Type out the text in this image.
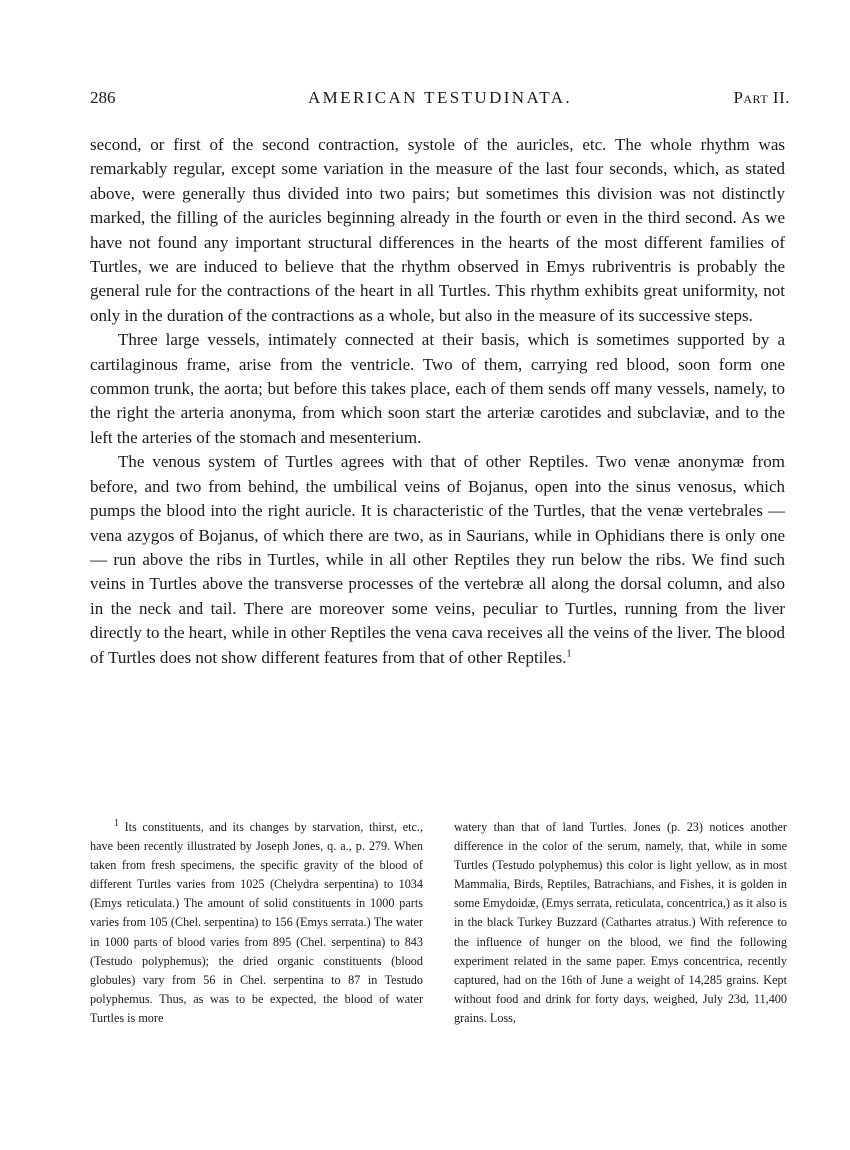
286	AMERICAN TESTUDINATA.	Part II.

second, or first of the second contraction, systole of the auricles, etc. The whole rhythm was remarkably regular, except some variation in the measure of the last four seconds, which, as stated above, were generally thus divided into two pairs; but sometimes this division was not distinctly marked, the filling of the auricles beginning already in the fourth or even in the third second. As we have not found any important structural differences in the hearts of the most different families of Turtles, we are induced to believe that the rhythm observed in Emys rubriventris is probably the general rule for the contractions of the heart in all Turtles. This rhythm exhibits great uniformity, not only in the duration of the contractions as a whole, but also in the measure of its successive steps.

Three large vessels, intimately connected at their basis, which is sometimes supported by a cartilaginous frame, arise from the ventricle. Two of them, carrying red blood, soon form one common trunk, the aorta; but before this takes place, each of them sends off many vessels, namely, to the right the arteria anonyma, from which soon start the arteriæ carotides and subclaviæ, and to the left the arteries of the stomach and mesenterium.

The venous system of Turtles agrees with that of other Reptiles. Two venæ anonymæ from before, and two from behind, the umbilical veins of Bojanus, open into the sinus venosus, which pumps the blood into the right auricle. It is characteristic of the Turtles, that the venæ vertebrales — vena azygos of Bojanus, of which there are two, as in Saurians, while in Ophidians there is only one — run above the ribs in Turtles, while in all other Reptiles they run below the ribs. We find such veins in Turtles above the transverse processes of the vertebræ all along the dorsal column, and also in the neck and tail. There are moreover some veins, peculiar to Turtles, running from the liver directly to the heart, while in other Reptiles the vena cava receives all the veins of the liver. The blood of Turtles does not show different features from that of other Reptiles.$^1$

$^1$ Its constituents, and its changes by starvation, thirst, etc., have been recently illustrated by Joseph Jones, q. a., p. 279. When taken from fresh specimens, the specific gravity of the blood of different Turtles varies from 1025 (Chelydra serpentina) to 1034 (Emys reticulata.) The amount of solid constituents in 1000 parts varies from 105 (Chel. serpentina) to 156 (Emys serrata.) The water in 1000 parts of blood varies from 895 (Chel. serpentina) to 843 (Testudo polyphemus); the dried organic constituents (blood globules) vary from 56 in Chel. serpentina to 87 in Testudo polyphemus. Thus, as was to be expected, the blood of water Turtles is more

watery than that of land Turtles. Jones (p. 23) notices another difference in the color of the serum, namely, that, while in some Turtles (Testudo polyphemus) this color is light yellow, as in most Mammalia, Birds, Reptiles, Batrachians, and Fishes, it is golden in some Emydoidæ, (Emys serrata, reticulata, concentrica,) as it also is in the black Turkey Buzzard (Cathartes atratus.) With reference to the influence of hunger on the blood, we find the following experiment related in the same paper. Emys concentrica, recently captured, had on the 16th of June a weight of 14,285 grains. Kept without food and drink for forty days, weighed, July 23d, 11,400 grains. Loss,
